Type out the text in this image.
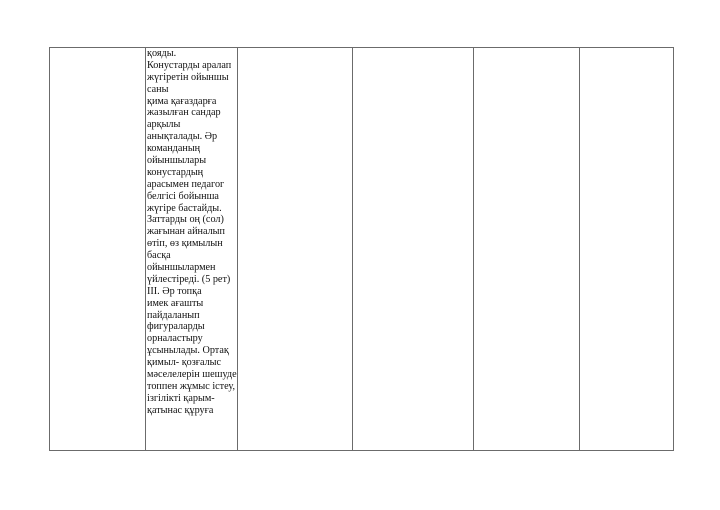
қояды.
Конустарды аралап
жүгіретін ойыншы
саны
қима қағаздарға
жазылған сандар
арқылы
анықталады. Әр
команданың
ойыншылары
конустардың
арасымен педагог
белгісі бойынша
жүгіре бастайды.
Заттарды оң (сол)
жағынан айналып
өтіп, өз қимылын
басқа
ойыншылармен
үйлестіреді. (5 рет)
ІІІ. Әр топқа
имек ағашты
пайдаланып
фигураларды
орналастыру
ұсынылады. Ортақ
қимыл- қозғалыс
мәселелерін шешуде
топпен жұмыс істеу,
ізгілікті қарым-
қатынас құруға
